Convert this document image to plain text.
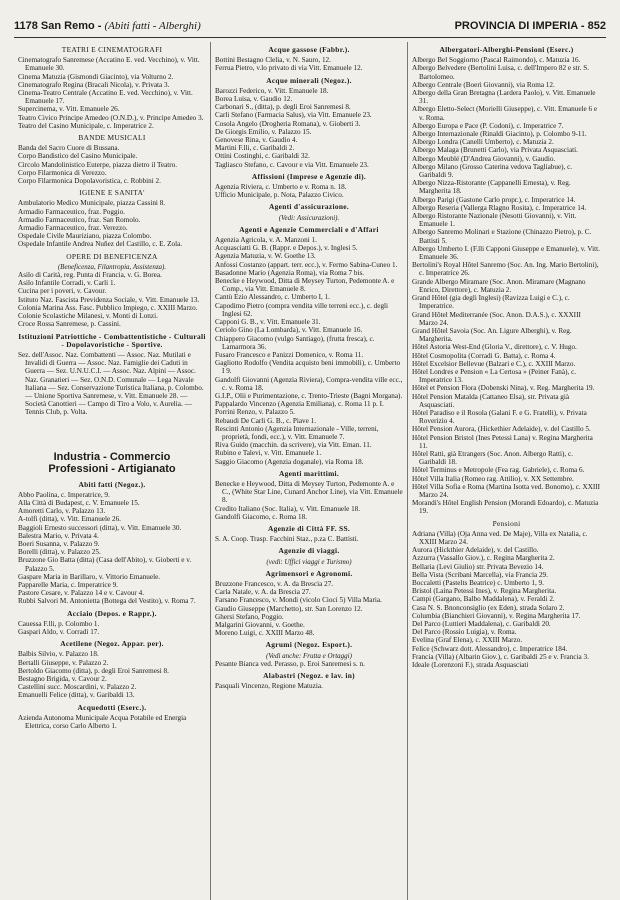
1178 San Remo - (Abiti fatti - Alberghi)	PROVINCIA DI IMPERIA - 852
TEATRI E CINEMATOGRAFI
Cinematografo Sanremese (Accatino E. ved. Vecchino), v. Vitt. Emanuele 30.
Cinema Matuzia (Gismondi Giacinto), via Volturno 2.
Cinematografo Regina (Bracali Nicola), v. Privata 3.
Cinema-Teatro Centrale (Accatino E. ved. Vecchino), v. Vitt. Emanuele 17.
Supercinema, v. Vitt. Emanuele 26.
Teatro Civico Principe Amedeo (O.N.D.), v. Principe Amedeo 3.
Teatro del Casino Municipale, c. Imperatrice 2.
BANDE MUSICALI
Banda del Sacro Cuore di Bussana.
Corpo Bandistico del Casino Municipale.
Circolo Mandolinistico Euterpe, piazza dietro il Teatro.
Corpo Filarmonica di Verezzo.
Corpo Filarmonica Dopolavoristica, c. Robbini 2.
IGIENE E SANITA'
Ambulatorio Medico Municipale, piazza Cassini 8.
Armadio Farmaceutico, fraz. Poggio.
Armadio Farmaceutico, fraz. San Romolo.
Armadio Farmaceutico, fraz. Verezzo.
Ospedale Civile Mauriziano, piazza Colombo.
Ospedale Infantile Andrea Nuñez del Castillo, c. E. Zola.
OPERE DI BENEFICENZA
(Beneficenza, Filantropia, Assistenza).
Asilo di Carità, reg. Punta di Francia, v. G. Borea.
Asilo Infantile Corradi, v. Carli 1.
Cucina per i poveri, v. Cavour.
Istituto Naz. Fascista Previdenza Sociale, v. Vitt. Emanuele 13.
Colonia Marina Ass. Fasc. Pubblico Impiego, c. XXIII Marzo.
Colonie Scolastiche Milanesi, v. Monti di Lonzi.
Croce Rossa Sanremese, p. Cassini.
Istituzioni Patriottiche - Combattentistiche - Culturali - Dopolavoristiche - Sportive.
Sez. dell'Assoc. Naz. Combattenti — Assoc. Naz. Mutilati e Invalidi di Guerra — Assoc. Naz. Famiglie dei Caduti in Guerra — Sez. U.N.U.C.I. — Assoc. Naz. Alpini — Assoc. Naz. Granatieri — Sez. O.N.D. Comunale — Lega Navale Italiana — Sez. Conservazione Turistica Italiana, p. Colombo. — Unione Sportiva Sanremese, v. Vitt. Emanuele 28. — Società Canottieri — Campo di Tiro a Volo, v. Aurelia. — Tennis Club, p. Volta.
Industria - Commercio
Professioni - Artigianato
Abiti fatti (Negoz.).
Abbo Paolina, c. Imperatrice, 9.
Alla Città di Budapest, c. V. Emanuele 15.
Amoretti Carlo, v. Palazzo 13.
A-tolfi (ditta), v. Vitt. Emanuele 26.
Baggioli Ernesto successori (ditta), v. Vitt. Emanuele 30.
Balestra Mario, v. Privata 4.
Boeri Susanna, v. Palazzo 9.
Borelli (ditta), v. Palazzo 25.
Bruzzone Gio Batta (ditta) (Casa dell'Abito), v. Gioberti e v. Palazzo 5.
Gaspare Maria in Barillaro, v. Vittorio Emanuele.
Papparelle Maria, c. Imperatrice 9.
Pastore Cesare, v. Palazzo 14 e v. Cavour 4.
Rubbi Salvori M. Antonietta (Bottega del Vestito), v. Roma 7.
Acciaio (Depos. e Rappr.).
Cauessa F.lli, p. Colombo 1.
Gaspari Aldo, v. Corradi 17.
Acetilene (Negoz. Appar. per).
Balbis Silvio, v. Palazzo 18.
Bertalli Giuseppe, v. Palazzo 2.
Bertoldo Giacomo (ditta), p. degli Eroi Sanremesi 8.
Bestagno Brigida, v. Cavour 2.
Castellini succ. Moscardini, v. Palazzo 2.
Emanuelli Felice (ditta), v. Garibaldi 13.
Acquedotti (Eserc.).
Azienda Autonoma Municipale Acqua Potabile ed Energia Elettrica, corso Carlo Alberto 1.
Acque gassose (Fabbr.).
Bottini Bestagno Clelia, v. N. Sauro, 12.
Ferrua Pietro, v.lo privato di via Vitt. Emanuele 12.
Acque minerali (Negoz.).
Barozzi Federico, v. Vitt. Emanuele 18.
Borea Luisa, v. Gaudio 12.
Carbonari S., (ditta), p. degli Eroi Sanremesi 8.
Carli Stefano (Farmacia Salus), via Vitt. Emanuele 23.
Cosola Angelo (Drogheria Romana), v. Gioberti 3.
De Giorgis Emilio, v. Palazzo 15.
Genovese Rina, v. Gaudio 4.
Martini F.lli, c. Garibaldi 2.
Ottini Costinghi, c. Garibaldi 32.
Tagliasco Stefano, c. Cavour e via Vitt. Emanuele 23.
Affissioni (Imprese e Agenzie di).
Agenzia Riviera, c. Umberto e v. Roma n. 18.
Ufficio Municipale, p. Nota, Palazzo Civico.
Agenti d'assicurazione.
(Vedi: Assicurazioni).
Agenti e Agenzie Commerciali e d'Affari
Agenzia Agricola, v. A. Manzoni 1.
Acquasciatti G. B. (Rappr. e Depos.), v. Inglesi 5.
Agenzia Matuzia, v. W. Goethe 13.
Anfossi Costanzo (appart. terr. ecc.), v. Fermo Sabina-Cuneo 1.
Basadonne Mario (Agenzia Roma), via Roma 7 bis.
Benecke e Heywood, Ditta di Meysey Turton, Pedemonte A. e Comp., via Vitt. Emanuele 8.
Cantù Ezio Alessandro, c. Umberto I, 1.
Capodimo Pietro (compra vendita ville terreni ecc.), c. degli Inglesi 62.
Capponi G. B., v. Vitt. Emanuele 31.
Ceriolo Gino (La Lombarda), v. Vitt. Emanuele 16.
Chiappero Giacomo (vulgo Santiago), (frutta fresca), c. Lamarmora 36.
Fusaro Francesco e Panizzi Domenico, v. Roma 11.
Gagliotto Rodolfo (Vendita acquisto beni immobili), c. Umberto I 9.
Gandolfi Giovanni (Agenzia Riviera), Compra-vendita ville ecc., c. v. Roma 18.
G.I.P., Olii e Purimentazione, c. Trento-Trieste (Bagni Morgana).
Pappalardo Vincenzo (Agenzia Emiliana), c. Roma 11 p. I.
Porrini Renzo, v. Palazzo 5.
Rebaudi De Carli G. B., c. Piave 1.
Rescinti Antonio (Agenzia Internazionale - Ville, terreni, proprietà, fondi, ecc.), v. Vitt. Emanuele 7.
Riva Guido (macchin. da scrivere), via Vitt. Eman. 11.
Rubino e Talevi, v. Vitt. Emanuele 1.
Saggio Giacomo (Agenzia doganale), via Roma 18.
Agenti marittimi.
Benecke e Heywood, Ditta di Meysey Turton, Pedemonte A. e C., (White Star Line, Cunard Anchor Line), via Vitt. Emanuele 8.
Credito Italiano (Soc. Italia), v. Vitt. Emanuele 18.
Gandolfi Giacomo, c. Roma 18.
Agenzie di Città FF. SS.
S. A. Coop. Trasp. Facchini Staz., p.za C. Battisti.
Agenzie di viaggi.
(vedi: Uffici viaggi e Turismo)
Agrimensori e Agronomi.
Bruzzone Francesco, v. A. da Brescia 27.
Carla Natale, v. A. da Brescia 27.
Farsano Francesco, v. Mondi (vicolo Cioci 5) Villa Maria.
Gaudio Giuseppe (Marchetto), str. San Lorenzo 12.
Ghersi Stefano, Poggio.
Malgarini Giovanni, v. Goethe.
Moreno Luigi, c. XXIII Marzo 48.
Agrumi (Negoz. Esport.).
(Vedi anche: Frutta e Ortaggi)
Pesante Bianca ved. Perasso, p. Eroi Sanremesi s. n.
Alabastri (Negoz. e lav. in)
Pasquali Vincenzo, Regione Matuzia.
Albergatori-Alberghi-Pensioni (Eserc.)
Albergo Bel Soggiorno (Pascal Raimondo), c. Matuzia 16.
Albergo Belvedere (Bertolini Luisa, c. dell'Impero 82 e str. S. Bartolomeo.
Albergo Centrale (Boeri Giovanni), via Roma 12.
Albergo della Gran Bretagna (Lardera Paolo), v. Vitt. Emanuele 31.
Albergo Eletto-Select (Morielli Giuseppe), c. Vitt. Emanuele 6 e v. Roma.
Albergo Europa e Pace (P. Codoni), c. Imperatrice 7.
Albergo Internazionale (Rinaldi Giacinto), p. Colombo 9-11.
Albergo Londra (Canelli Umberto), c. Matuzia 2.
Albergo Malaga (Brunetti Carlo), via Privata Asquasciati.
Albergo Meublé (D'Andrea Giovanni), v. Gaudio.
Albergo Milano (Grosso Caterina vedova Tagliabue), c. Garibaldi 9.
Albergo Nizza-Ristorante (Cappanelli Ernesta), v. Reg. Margherita 18.
Albergo Parigi (Gastone Carlo propr.), c. Imperatrice 14.
Albergo Reseria (Vallerga Rlagno Rosita), c. Imperatrice 14.
Albergo Ristorante Nazionale (Nesotti Giovanni), v. Vitt. Emanuele 1.
Albergo Sanremo Molinari e Stazione (Chinazzo Pietro), p. C. Battisti 5.
Albergo Umberto I. (F.lli Capponi Giuseppe e Emanuele), v. Vitt. Emanuele 36.
Bertolini's Royal Hôtel Sanremo (Soc. An. Ing. Mario Bertolini), c. Imperatrice 26.
Grande Albergo Miramare (Soc. Anon. Miramare (Magnano Enrico, Direttore), c. Matuzia 2.
Grand Hôtel (gia degli Inglesi) (Ravizza Luigi e C.), c. Imperatrice.
Grand Hôtel Mediterranée (Soc. Anon. D.A.S.), c. XXXIII Marzo 24.
Grand Hôtel Savoia (Soc. An. Ligure Alberghi), v. Reg. Margherita.
Hôtel Astoria West-End (Gloria V., direttore), c. V. Hugo.
Hôtel Cosmopolita (Corradi G. Batta), c. Roma 4.
Hôtel Excelsior Bellevue (Balzari e C.), c. XXIII Marzo.
Hôtel Londres e Pension « La Certosa » (Peiner Fanà), c. Imperatrice 13.
Hôtel et Pension Flora (Dobenski Nina), v. Reg. Margherita 19.
Hôtel Pension Matalda (Cattaneo Elsa), str. Privata già Asquasciati.
Hôtel Paradiso e il Rosola (Galani F. e G. Fratelli), v. Privata Roverizio 4.
Hôtel Pension Aurora, (Hickethier Adelaide), v. del Castillo 5.
Hôtel Pension Bristol (Ines Petessi Lana) v. Regina Margherita 11.
Hôtel Ratti, già Etrangers (Soc. Anon. Albergo Ratti), c. Garibaldi 18.
Hôtel Terminus e Metropole (Fea rag. Gabriele), c. Roma 6.
Hôtel Villa Italia (Romeo rag. Attilio), v. XX Settembre.
Hôtel Villa Sofia e Roma (Martina Isotta ved. Bonomo), c. XXIII Marzo 24.
Morandi's Hôtel English Pension (Morandi Edoardo), c. Matuzia 19.
Pensioni
Adriana (Villa) (Oja Anna ved. De Maje), Villa ex Natalia, c. XXIII Marzo 24.
Aurora (Hickthier Adelaide), v. del Castillo.
Azzurra (Vassallo Giov.), c. Regina Margherita 2.
Bellaria (Levi Giulio) str. Privata Bevezio 14.
Bella Vista (Scribani Marcella), via Francia 29.
Boccaletti (Pastelts Beatrice) c. Umberto 1, 9.
Bristol (Laina Petessi Ines), v. Regina Margherita.
Campi (Gargano, Balbo Maddalena), v. Feraldi 2.
Casa N. S. Bnonconsiglio (ex Eden), strada Solaro 2.
Columbia (Bianchieri Giovanni), v. Regina Margherita 17.
Del Parco (Luttieri Maddalena), c. Garibaldi 20.
Del Parco (Rossio Luigia), v. Roma.
Evelina (Graf Elena), c. XXIII Marzo.
Felice (Schwarz dott. Alessandro), c. Imperatrice 184.
Francia (Villa) (Albarin Giov.), c. Garibaldi 25 e v. Francia 3.
Ideale (Lorenzoni F.), strada Asquasciati
